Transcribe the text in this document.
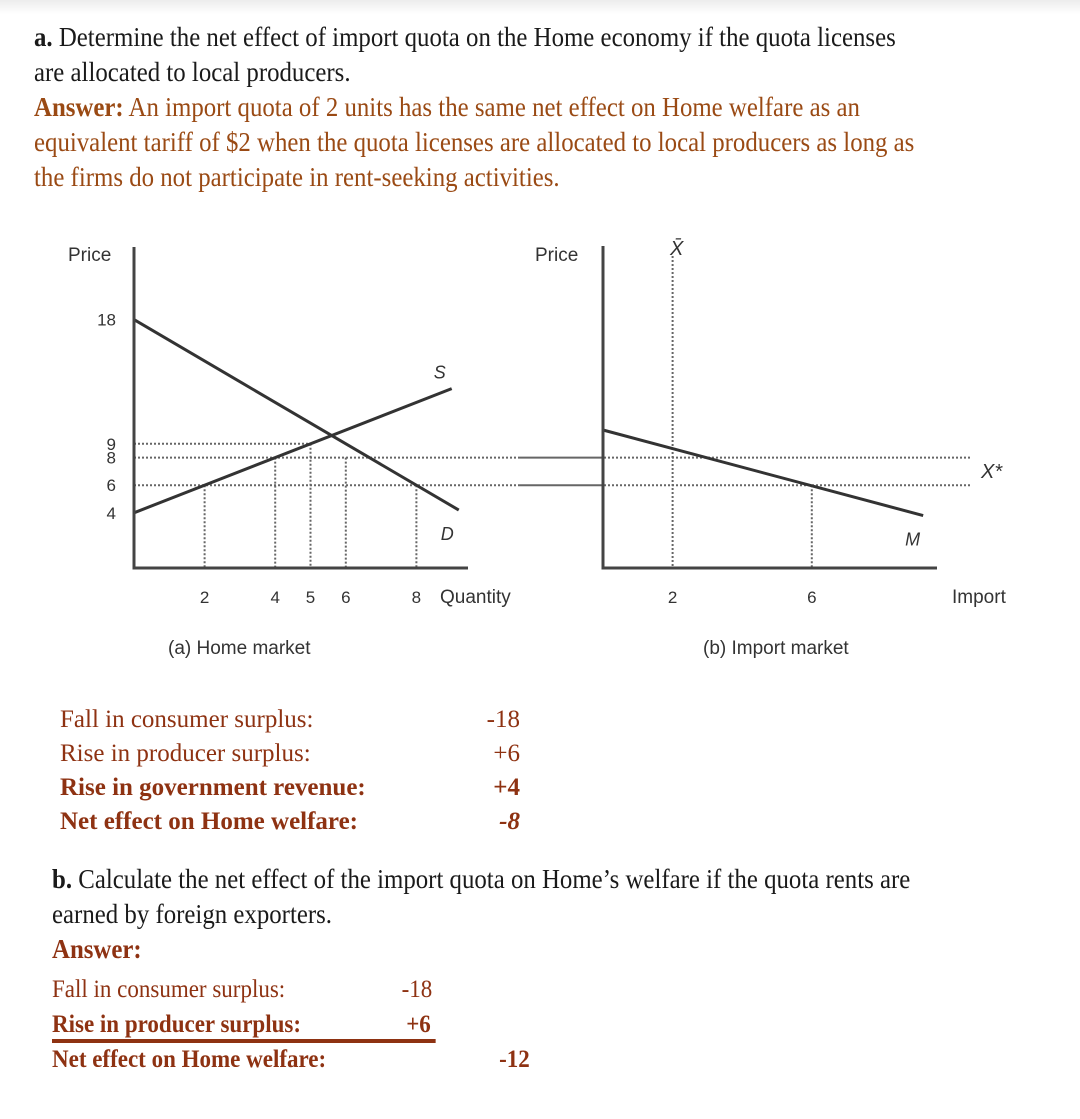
a. Determine the net effect of import quota on the Home economy if the quota licenses
are allocated to local producers.
Answer: An import quota of 2 units has the same net effect on Home welfare as an
equivalent tariff of $2 when the quota licenses are allocated to local producers as long as
the firms do not participate in rent-seeking activities.
Price
Quantity
(a) Home market
2	4 5 6	8
4
6
8
9
18
S
D
Price
Import
(b) Import market
X̄
X*
2	6
M
Fall in consumer surplus:	-18
Rise in producer surplus:	+6
Rise in government revenue:	+4
Net effect on Home welfare:	-8
b. Calculate the net effect of the import quota on Home’s welfare if the quota rents are
earned by foreign exporters.
Answer:
Fall in consumer surplus:	-18
Rise in producer surplus:	+6
Net effect on Home welfare:	-12
